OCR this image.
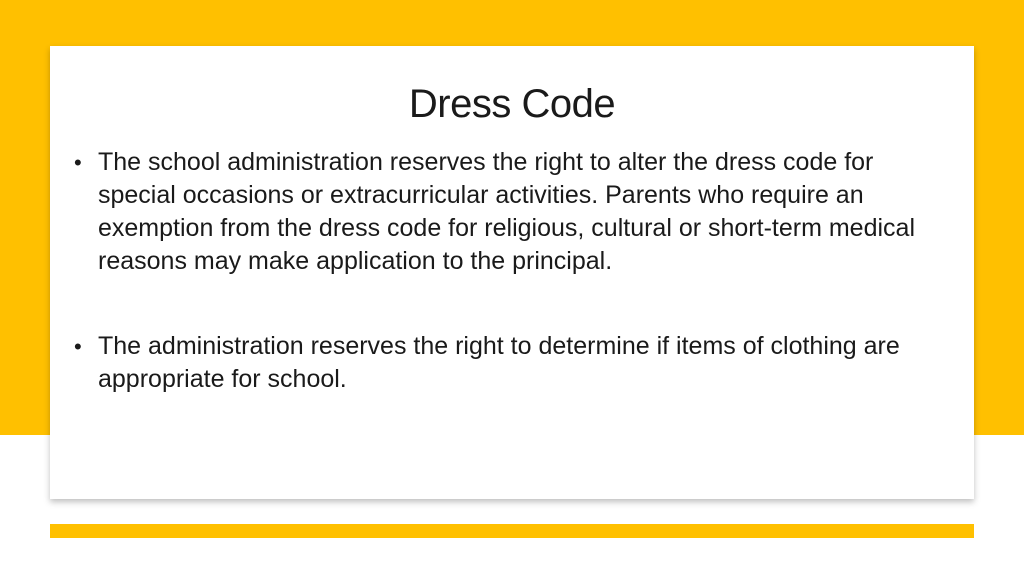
Dress Code
• The school administration reserves the right to alter the dress code for special occasions or extracurricular activities. Parents who require an exemption from the dress code for religious, cultural or short-term medical reasons may make application to the principal.
• The administration reserves the right to determine if items of clothing are appropriate for school.
